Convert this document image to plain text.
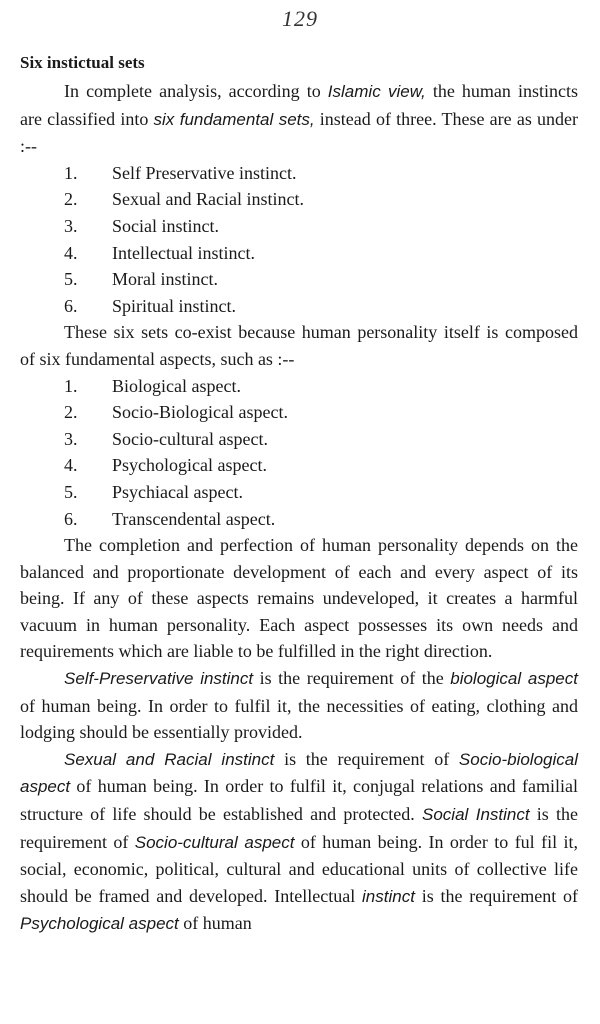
129

Six instictual sets

In complete analysis, according to Islamic view, the human instincts are classified into six fundamental sets, instead of three. These are as under :--

1.	Self Preservative instinct.
2.	Sexual and Racial instinct.
3.	Social instinct.
4.	Intellectual instinct.
5.	Moral instinct.
6.	Spiritual instinct.

These six sets co-exist because human personality itself is composed of six fundamental aspects, such as :--

1.	Biological aspect.
2.	Socio-Biological aspect.
3.	Socio-cultural aspect.
4.	Psychological aspect.
5.	Psychiacal aspect.
6.	Transcendental aspect.

The completion and perfection of human personality depends on the balanced and proportionate development of each and every aspect of its being. If any of these aspects remains undeveloped, it creates a harmful vacuum in human personality. Each aspect possesses its own needs and requirements which are liable to be fulfilled in the right direction.

Self-Preservative instinct is the requirement of the biological aspect of human being. In order to fulfil it, the necessities of eating, clothing and lodging should be essentially provided.

Sexual and Racial instinct is the requirement of Socio-biological aspect of human being. In order to fulfil it, conjugal relations and familial structure of life should be established and protected. Social Instinct is the requirement of Socio-cultural aspect of human being. In order to ful fil it, social, economic, political, cultural and educational units of collective life should be framed and developed. Intellectual instinct is the requirement of Psychological aspect of human
